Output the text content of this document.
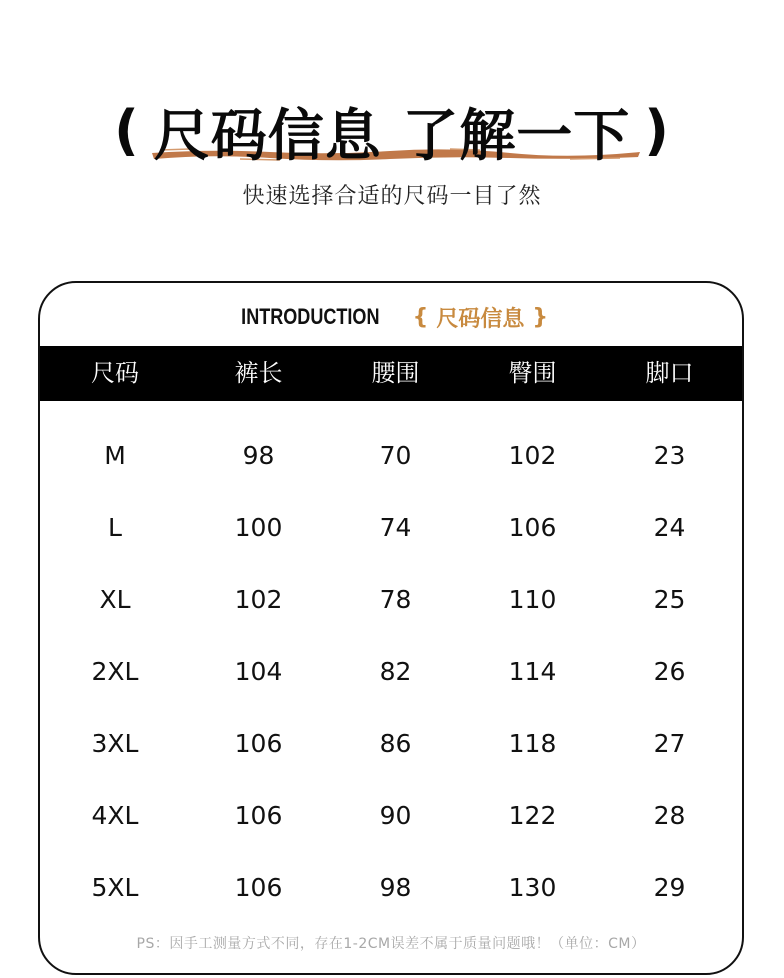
( 尺码信息 了解一下 )
快速选择合适的尺码一目了然
INTRODUCTION { 尺码信息 }
尺码	裤长	腰围	臀围	脚口
M	98	70	102	23
L	100	74	106	24
XL	102	78	110	25
2XL	104	82	114	26
3XL	106	86	118	27
4XL	106	90	122	28
5XL	106	98	130	29
PS：因手工测量方式不同，存在1-2CM误差不属于质量问题哦！（单位：CM）
